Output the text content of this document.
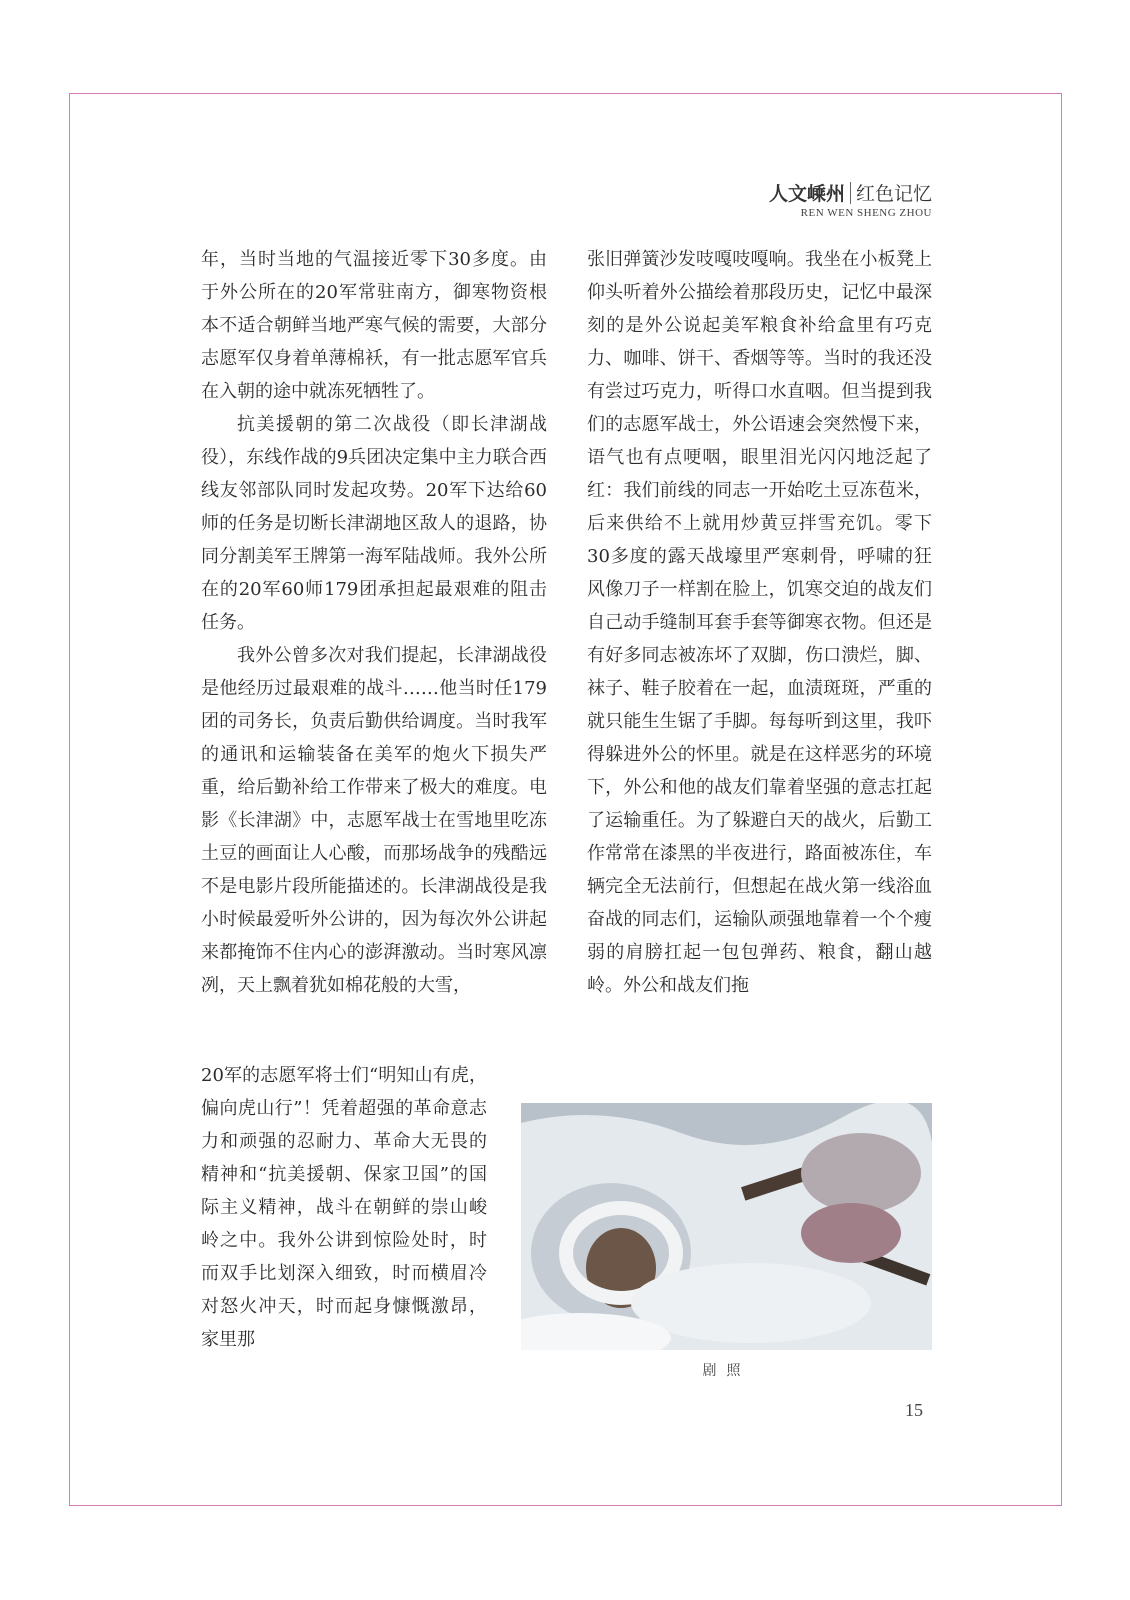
人文嵊州 红色记忆
REN WEN SHENG ZHOU

年，当时当地的气温接近零下30多度。由于外公所在的20军常驻南方，御寒物资根本不适合朝鲜当地严寒气候的需要，大部分志愿军仅身着单薄棉袄，有一批志愿军官兵在入朝的途中就冻死牺牲了。

抗美援朝的第二次战役（即长津湖战役），东线作战的9兵团决定集中主力联合西线友邻部队同时发起攻势。20军下达给60师的任务是切断长津湖地区敌人的退路，协同分割美军王牌第一海军陆战师。我外公所在的20军60师179团承担起最艰难的阻击任务。

我外公曾多次对我们提起，长津湖战役是他经历过最艰难的战斗……他当时任179团的司务长，负责后勤供给调度。当时我军的通讯和运输装备在美军的炮火下损失严重，给后勤补给工作带来了极大的难度。电影《长津湖》中，志愿军战士在雪地里吃冻土豆的画面让人心酸，而那场战争的残酷远不是电影片段所能描述的。长津湖战役是我小时候最爱听外公讲的，因为每次外公讲起来都掩饰不住内心的澎湃激动。当时寒风凛冽，天上飘着犹如棉花般的大雪，

20军的志愿军将士们“明知山有虎，偏向虎山行”！凭着超强的革命意志力和顽强的忍耐力、革命大无畏的精神和“抗美援朝、保家卫国”的国际主义精神，战斗在朝鲜的崇山峻岭之中。我外公讲到惊险处时，时而双手比划深入细致，时而横眉冷对怒火冲天，时而起身慷慨激昂，家里那

张旧弹簧沙发吱嘎吱嘎响。我坐在小板凳上仰头听着外公描绘着那段历史，记忆中最深刻的是外公说起美军粮食补给盒里有巧克力、咖啡、饼干、香烟等等。当时的我还没有尝过巧克力，听得口水直咽。但当提到我们的志愿军战士，外公语速会突然慢下来，语气也有点哽咽，眼里泪光闪闪地泛起了红：我们前线的同志一开始吃土豆冻苞米，后来供给不上就用炒黄豆拌雪充饥。零下30多度的露天战壕里严寒刺骨，呼啸的狂风像刀子一样割在脸上，饥寒交迫的战友们自己动手缝制耳套手套等御寒衣物。但还是有好多同志被冻坏了双脚，伤口溃烂，脚、袜子、鞋子胶着在一起，血渍斑斑，严重的就只能生生锯了手脚。每每听到这里，我吓得躲进外公的怀里。就是在这样恶劣的环境下，外公和他的战友们靠着坚强的意志扛起了运输重任。为了躲避白天的战火，后勤工作常常在漆黑的半夜进行，路面被冻住，车辆完全无法前行，但想起在战火第一线浴血奋战的同志们，运输队顽强地靠着一个个瘦弱的肩膀扛起一包包弹药、粮食，翻山越岭。外公和战友们拖

剧照
15
